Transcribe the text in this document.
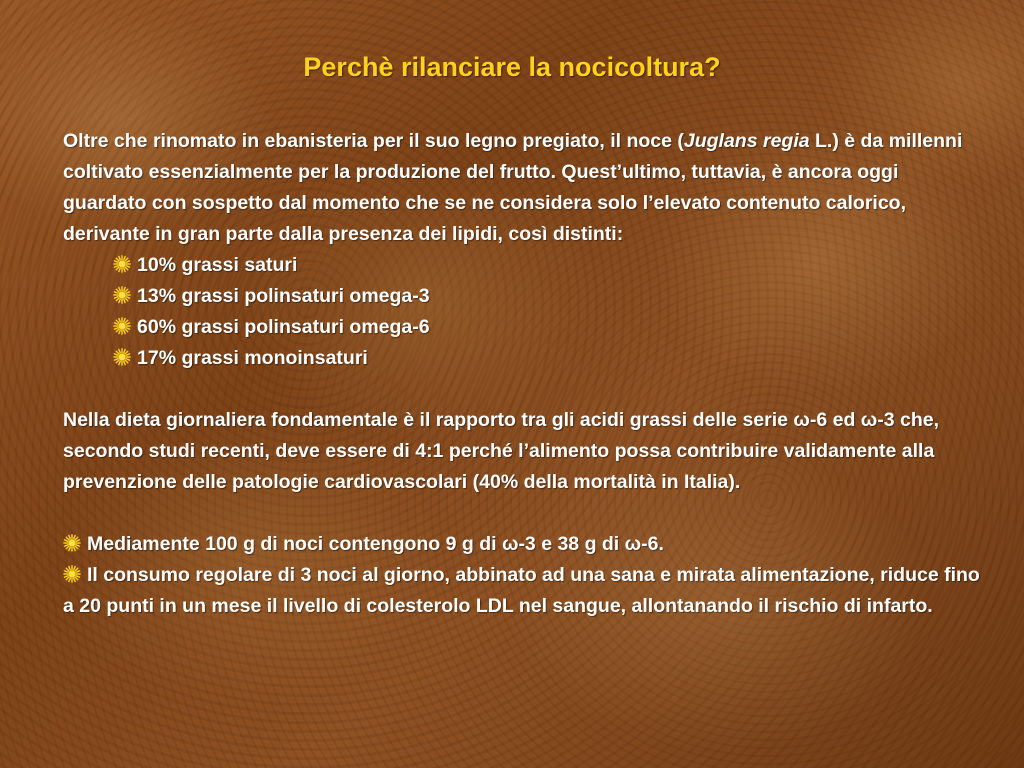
Perchè rilanciare la nocicoltura?

Oltre che rinomato in ebanisteria per il suo legno pregiato, il noce (Juglans regia L.) è da millenni coltivato essenzialmente per la produzione del frutto. Quest’ultimo, tuttavia, è ancora oggi guardato con sospetto dal momento che se ne considera solo l’elevato contenuto calorico, derivante in gran parte dalla presenza dei lipidi, così distinti:

10% grassi saturi
13% grassi polinsaturi omega-3
60% grassi polinsaturi omega-6
17% grassi monoinsaturi

Nella dieta giornaliera fondamentale è il rapporto tra gli acidi grassi delle serie ω-6 ed ω-3 che, secondo studi recenti, deve essere di 4:1 perché l’alimento possa contribuire validamente alla prevenzione delle patologie cardiovascolari (40% della mortalità in Italia).

Mediamente 100 g di noci contengono 9 g di ω-3 e 38 g di ω-6.

Il consumo regolare di 3 noci al giorno, abbinato ad una sana e mirata alimentazione, riduce fino a 20 punti in un mese il livello di colesterolo LDL nel sangue, allontanando il rischio di infarto.
